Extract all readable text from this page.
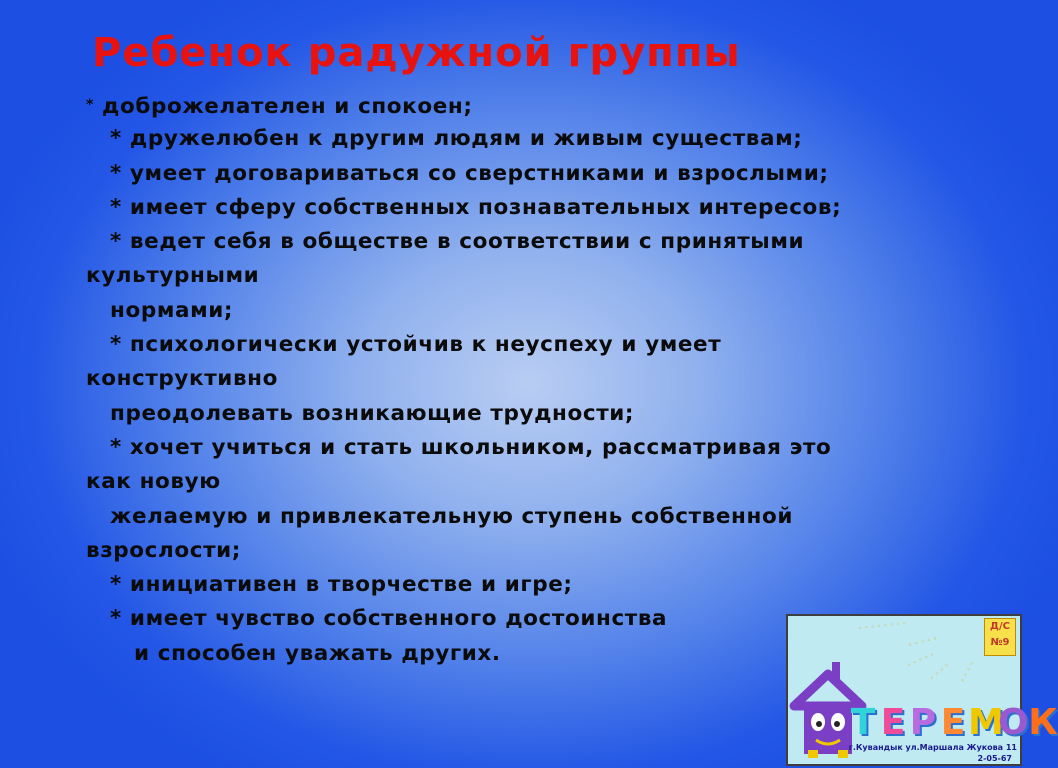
Ребенок радужной группы
* доброжелателен и спокоен;
* дружелюбен к другим людям и живым существам;
* умеет договариваться со сверстниками и взрослыми;
* имеет сферу собственных познавательных интересов;
* ведет себя в обществе в соответствии с принятыми
культурными
нормами;
* психологически устойчив к неуспеху и умеет
конструктивно
преодолевать возникающие трудности;
* хочет учиться и стать школьником, рассматривая это
как новую
желаемую и привлекательную ступень собственной
взрослости;
* инициативен в творчестве и игре;
* имеет чувство собственного достоинства
и способен уважать других.
◦ ◦ ◦ ◦ ◦ ◦ ◦ ◦
◦ ◦ ◦ ◦ ◦
◦ ◦ ◦ ◦ ◦
◦ ◦ ◦ ◦ ◦ ◦ ◦ ◦
Д/С
№9
Т Е Р Е М
О К
г.Кувандык ул.Маршала Жукова 11
2-05-67
